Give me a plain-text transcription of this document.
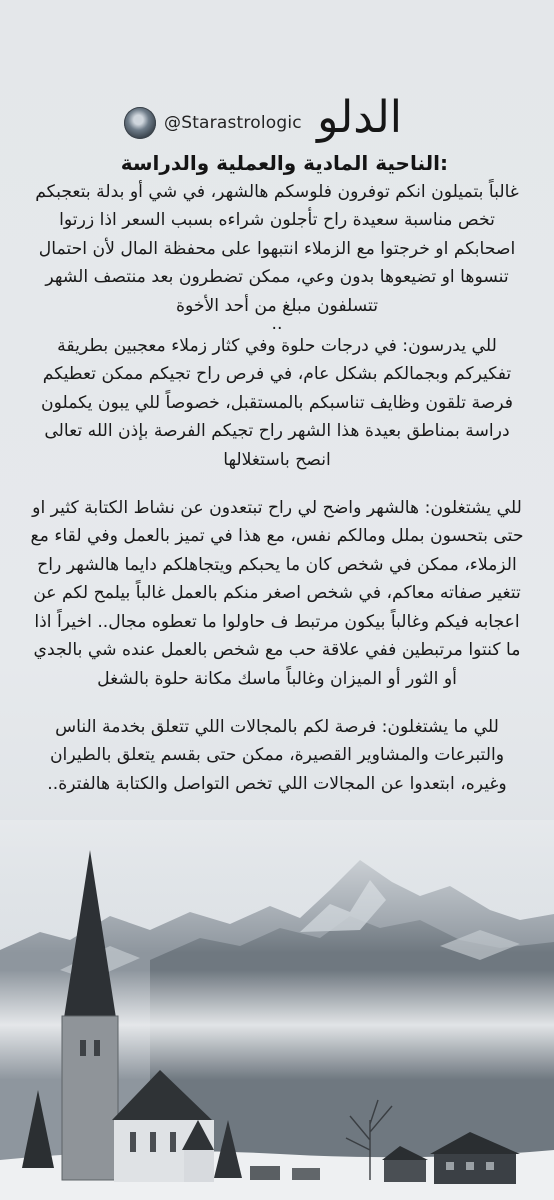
@Starastrologic الدلو
:الناحية المادية والعملية والدراسة

غالباً بتميلون انكم توفرون فلوسكم هالشهر، في شي أو بدلة بتعجبكم تخص مناسبة سعيدة راح تأجلون شراءه بسبب السعر اذا زرتوا اصحابكم او خرجتوا مع الزملاء انتبهوا على محفظة المال لأن احتمال تنسوها او تضيعوها بدون وعي، ممكن تضطرون بعد منتصف الشهر تتسلفون مبلغ من أحد الأخوة

..

للي يدرسون: في درجات حلوة وفي كثار زملاء معجبين بطريقة تفكيركم وبجمالكم بشكل عام، في فرص راح تجيكم ممكن تعطيكم فرصة تلقون وظايف تناسبكم بالمستقبل، خصوصاً للي يبون يكملون دراسة بمناطق بعيدة هذا الشهر راح تجيكم الفرصة بإذن الله تعالى انصح باستغلالها

للي يشتغلون: هالشهر واضح لي راح تبتعدون عن نشاط الكتابة كثير او حتى بتحسون بملل ومالكم نفس، مع هذا في تميز بالعمل وفي لقاء مع الزملاء، ممكن في شخص كان ما يحبكم ويتجاهلكم دايما هالشهر راح تتغير صفاته معاكم، في شخص اصغر منكم بالعمل غالباً بيلمح لكم عن اعجابه فيكم وغالباً بيكون مرتبط ف حاولوا ما تعطوه مجال.. اخيراً اذا ما كنتوا مرتبطين ففي علاقة حب مع شخص بالعمل عنده شي بالجدي أو الثور أو الميزان وغالباً ماسك مكانة حلوة بالشغل

للي ما يشتغلون: فرصة لكم بالمجالات اللي تتعلق بخدمة الناس والتبرعات والمشاوير القصيرة، ممكن حتى بقسم يتعلق بالطيران وغيره، ابتعدوا عن المجالات اللي تخص التواصل والكتابة هالفترة..
